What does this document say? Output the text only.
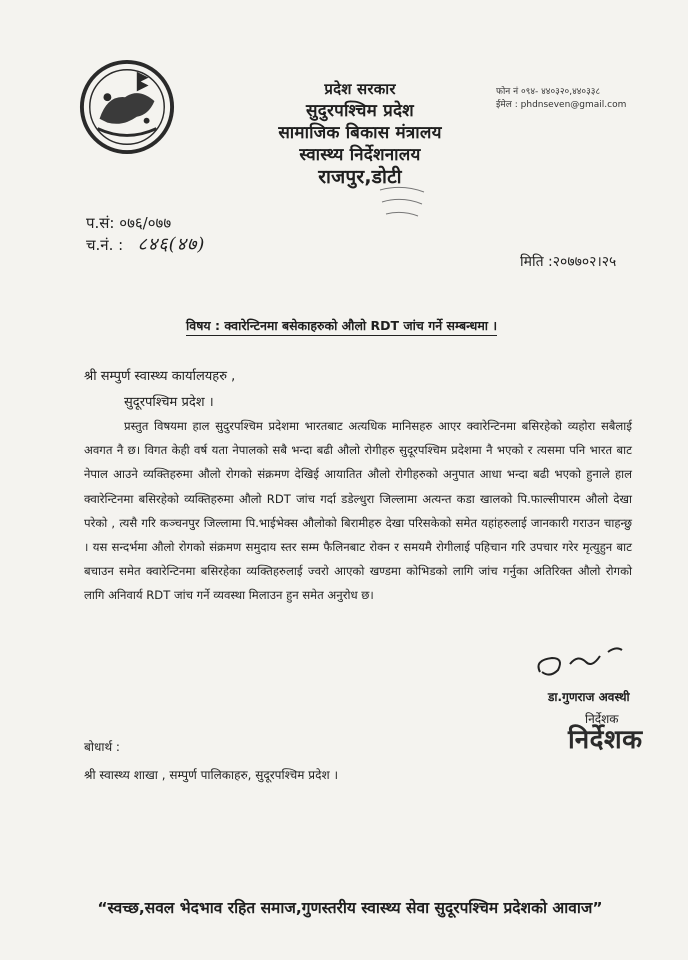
प्रदेश सरकार
सुदुरपश्चिम प्रदेश
सामाजिक बिकास मंत्रालय
स्वास्थ्य निर्देशनालय
राजपुर,डोटी
फोन नं ०९४- ४४०३२०,४४०३३८
ईमेल : phdnseven@gmail.com
प.सं: ०७६/०७७
च.नं. : ८४६(४७)
मिति :२०७७०२।२५
विषय : क्वारेन्टिनमा बसेकाहरुको औलो RDT जांच गर्ने सम्बन्धमा ।
श्री सम्पुर्ण स्वास्थ्य कार्यालयहरु ,
सुदूरपश्चिम प्रदेश ।

प्रस्तुत विषयमा हाल सुदुरपश्चिम प्रदेशमा भारतबाट अत्यधिक मानिसहरु आएर क्वारेन्टिनमा बसिरहेको व्यहोरा सबैलाई अवगत नै छ। विगत केही वर्ष यता नेपालको सबै भन्दा बढी औलो रोगीहरु सुदूरपश्चिम प्रदेशमा नै भएको र त्यसमा पनि भारत बाट नेपाल आउने व्यक्तिहरुमा औलो रोगको संक्रमण देखिई आयातित औलो रोगीहरुको अनुपात आधा भन्दा बढी भएको हुनाले हाल क्वारेन्टिनमा बसिरहेको व्यक्तिहरुमा औलो RDT जांच गर्दा डडेल्धुरा जिल्लामा अत्यन्त कडा खालको पि.फाल्सीपारम औलो देखा परेको , त्यसै गरि कञ्चनपुर जिल्लामा पि.भाईभेक्स औलोको बिरामीहरु देखा परिसकेको समेत यहांहरुलाई जानकारी गराउन चाहन्छु । यस सन्दर्भमा औलो रोगको संक्रमण समुदाय स्तर सम्म फैलिनबाट रोक्न र समयमै रोगीलाई पहिचान गरि उपचार गरेर मृत्युहुन बाट बचाउन समेत क्वारेन्टिनमा बसिरहेका व्यक्तिहरुलाई ज्वरो आएको खण्डमा कोभिडको लागि जांच गर्नुका अतिरिक्त औलो रोगको लागि अनिवार्य RDT जांच गर्ने व्यवस्था मिलाउन हुन समेत अनुरोध छ।

डा.गुणराज अवस्थी
निर्देशक
निर्देशक
बोधार्थ :
श्री स्वास्थ्य शाखा , सम्पुर्ण पालिकाहरु, सुदूरपश्चिम प्रदेश ।
“स्वच्छ,सवल भेदभाव रहित समाज,गुणस्तरीय स्वास्थ्य सेवा सुदूरपश्चिम प्रदेशको आवाज”
